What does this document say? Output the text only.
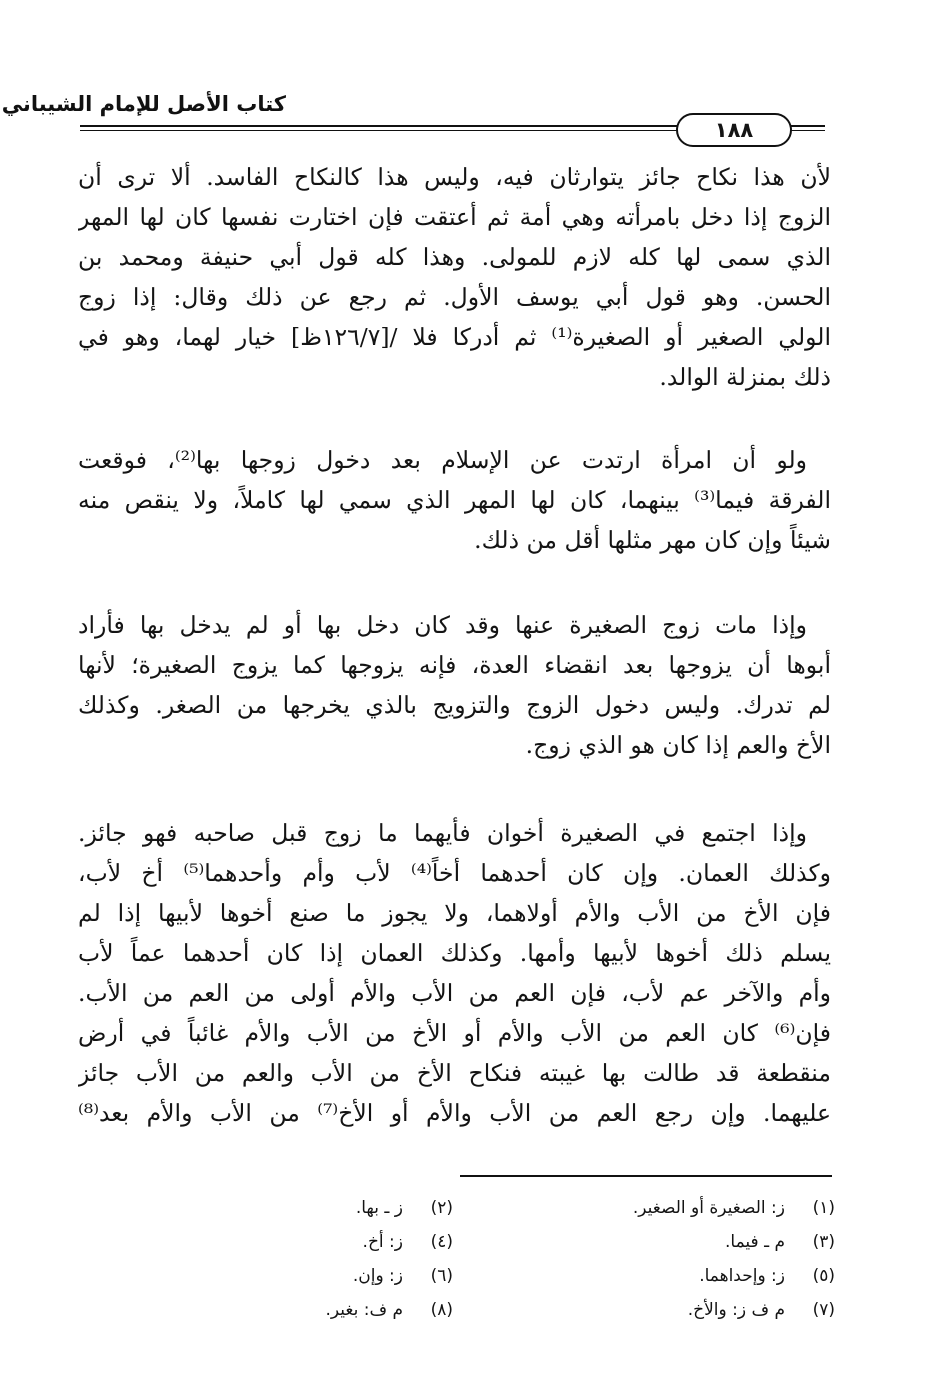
كتاب الأصل للإمام الشيباني
١٨٨
لأن هذا نكاح جائز يتوارثان فيه، وليس هذا كالنكاح الفاسد. ألا ترى أن
الزوج إذا دخل بامرأته وهي أمة ثم أعتقت فإن اختارت نفسها كان لها المهر
الذي سمى لها كله لازم للمولى. وهذا كله قول أبي حنيفة ومحمد بن
الحسن. وهو قول أبي يوسف الأول. ثم رجع عن ذلك وقال: إذا زوج
الولي الصغير أو الصغيرة⁽¹⁾ ثم أدركا فلا /[١٢٦/٧ظ] خيار لهما، وهو في
ذلك بمنزلة الوالد.
ولو أن امرأة ارتدت عن الإسلام بعد دخول زوجها بها⁽²⁾، فوقعت
الفرقة فيما⁽³⁾ بينهما، كان لها المهر الذي سمي لها كاملاً، ولا ينقص منه
شيئاً وإن كان مهر مثلها أقل من ذلك.
وإذا مات زوج الصغيرة عنها وقد كان دخل بها أو لم يدخل بها فأراد
أبوها أن يزوجها بعد انقضاء العدة، فإنه يزوجها كما يزوج الصغيرة؛ لأنها
لم تدرك. وليس دخول الزوج والتزويج بالذي يخرجها من الصغر. وكذلك
الأخ والعم إذا كان هو الذي زوج.
وإذا اجتمع في الصغيرة أخوان فأيهما ما زوج قبل صاحبه فهو جائز.
وكذلك العمان. وإن كان أحدهما أخاً⁽⁴⁾ لأب وأم وأحدهما⁽⁵⁾ أخ لأب،
فإن الأخ من الأب والأم أولاهما، ولا يجوز ما صنع أخوها لأبيها إذا لم
يسلم ذلك أخوها لأبيها وأمها. وكذلك العمان إذا كان أحدهما عماً لأب
وأم والآخر عم لأب، فإن العم من الأب والأم أولى من العم من الأب.
فإن⁽⁶⁾ كان العم من الأب والأم أو الأخ من الأب والأم غائباً في أرض
منقطعة قد طالت بها غيبته فنكاح الأخ من الأب والعم من الأب جائز
عليهما. وإن رجع العم من الأب والأم أو الأخ⁽⁷⁾ من الأب والأم بعد⁽⁸⁾
(١)
ز: الصغيرة أو الصغير.
(٣)
م ـ فيما.
(٥)
ز: وإحداهما.
(٧)
م ف ز: والأخ.
(٢)
ز ـ بها.
(٤)
ز: أخ.
(٦)
ز: وإن.
(٨)
م ف: بغير.
